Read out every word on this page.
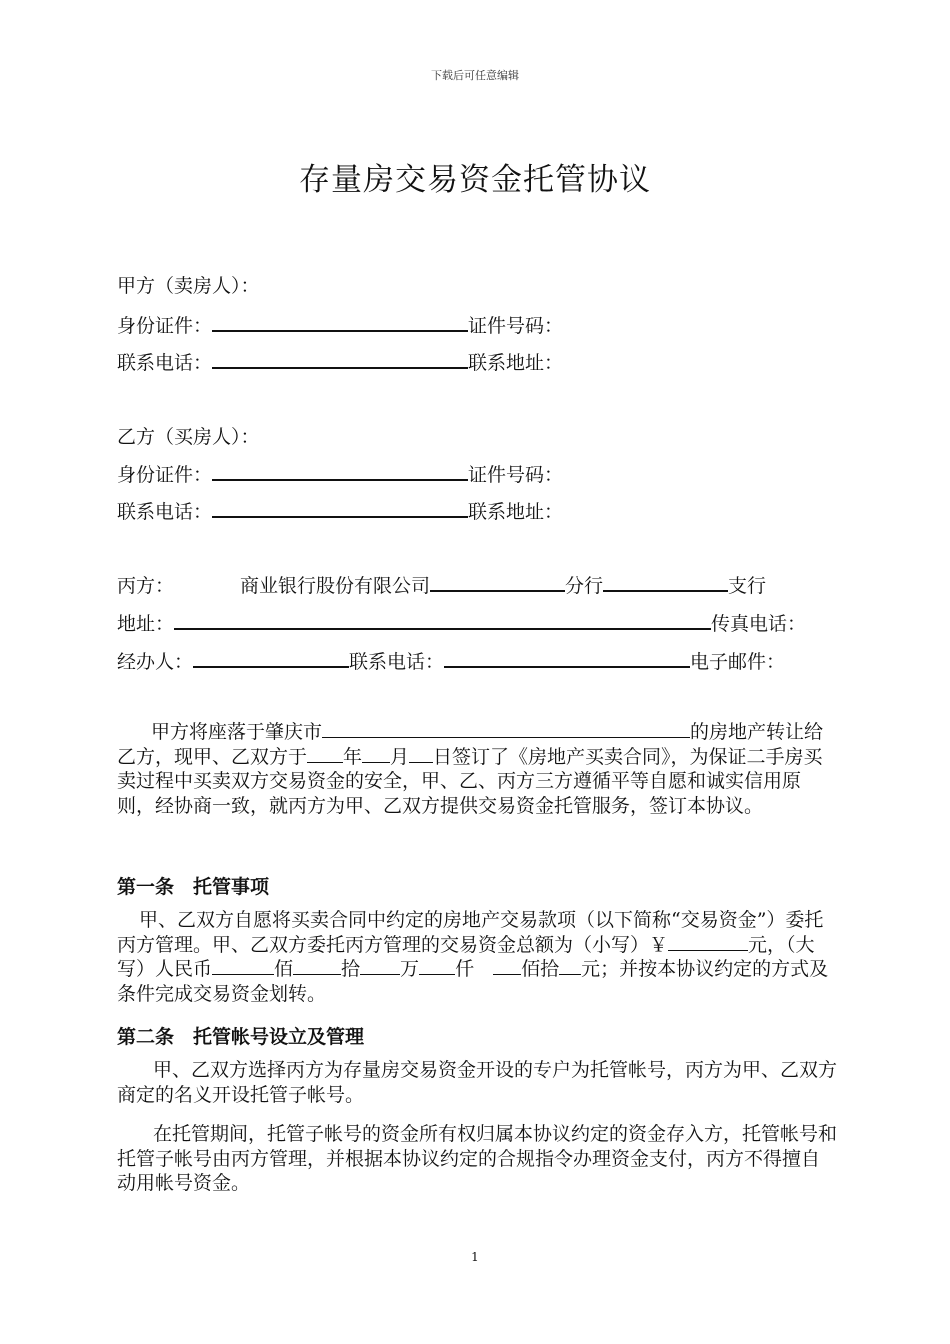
下载后可任意编辑
存量房交易资金托管协议
甲方（卖房人）：
身份证件：	证件号码：
联系电话：	联系地址：
乙方（买房人）：
身份证件：	证件号码：
联系电话：	联系地址：
丙方：	商业银行股份有限公司	分行	支行
地址：	传真电话：
经办人：	联系电话：	电子邮件：
甲方将座落于肇庆市	的房地产转让给乙方，现甲、乙双方于 年 月 日签订了《房地产买卖合同》，为保证二手房买卖过程中买卖双方交易资金的安全，甲、乙、丙方三方遵循平等自愿和诚实信用原则，经协商一致，就丙方为甲、乙双方提供交易资金托管服务，签订本协议。
第一条　托管事项
甲、乙双方自愿将买卖合同中约定的房地产交易款项（以下简称“交易资金”）委托丙方管理。甲、乙双方委托丙方管理的交易资金总额为（小写）￥	元，（大写）人民币	佰	拾 万 仟　 佰拾 元；并按本协议约定的方式及条件完成交易资金划转。
第二条　托管帐号设立及管理
甲、乙双方选择丙方为存量房交易资金开设的专户为托管帐号，丙方为甲、乙双方商定的名义开设托管子帐号。
在托管期间，托管子帐号的资金所有权归属本协议约定的资金存入方，托管帐号和托管子帐号由丙方管理，并根据本协议约定的合规指令办理资金支付，丙方不得擅自动用帐号资金。
1
